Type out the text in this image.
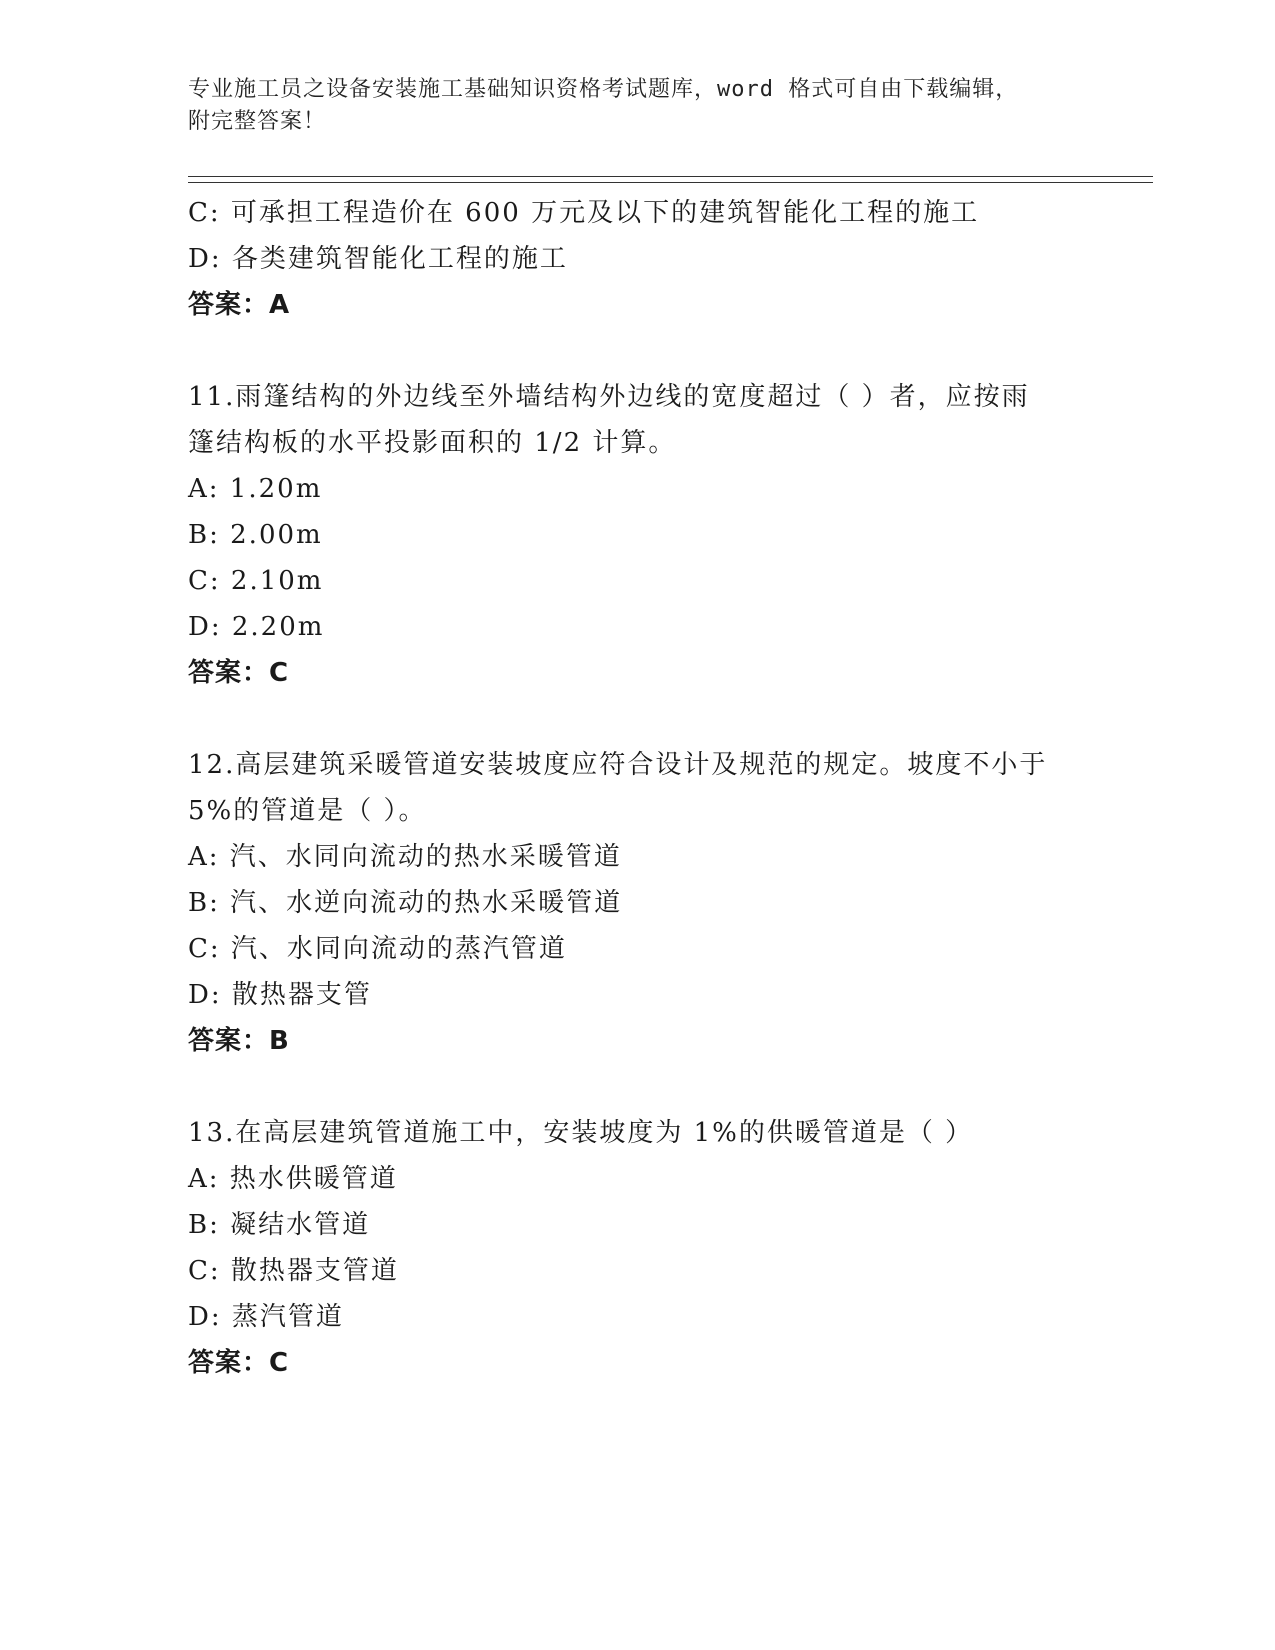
专业施工员之设备安装施工基础知识资格考试题库，word 格式可自由下载编辑，
附完整答案！
C: 可承担工程造价在 600 万元及以下的建筑智能化工程的施工
D: 各类建筑智能化工程的施工
答案：A
11.雨篷结构的外边线至外墙结构外边线的宽度超过（ ）者，应按雨
篷结构板的水平投影面积的 1/2 计算。
A: 1.20m
B: 2.00m
C: 2.10m
D: 2.20m
答案：C
12.高层建筑采暖管道安装坡度应符合设计及规范的规定。坡度不小于
5%的管道是（ ）。
A: 汽、水同向流动的热水采暖管道
B: 汽、水逆向流动的热水采暖管道
C: 汽、水同向流动的蒸汽管道
D: 散热器支管
答案：B
13.在高层建筑管道施工中，安装坡度为 1%的供暖管道是（ ）
A: 热水供暖管道
B: 凝结水管道
C: 散热器支管道
D: 蒸汽管道
答案：C
